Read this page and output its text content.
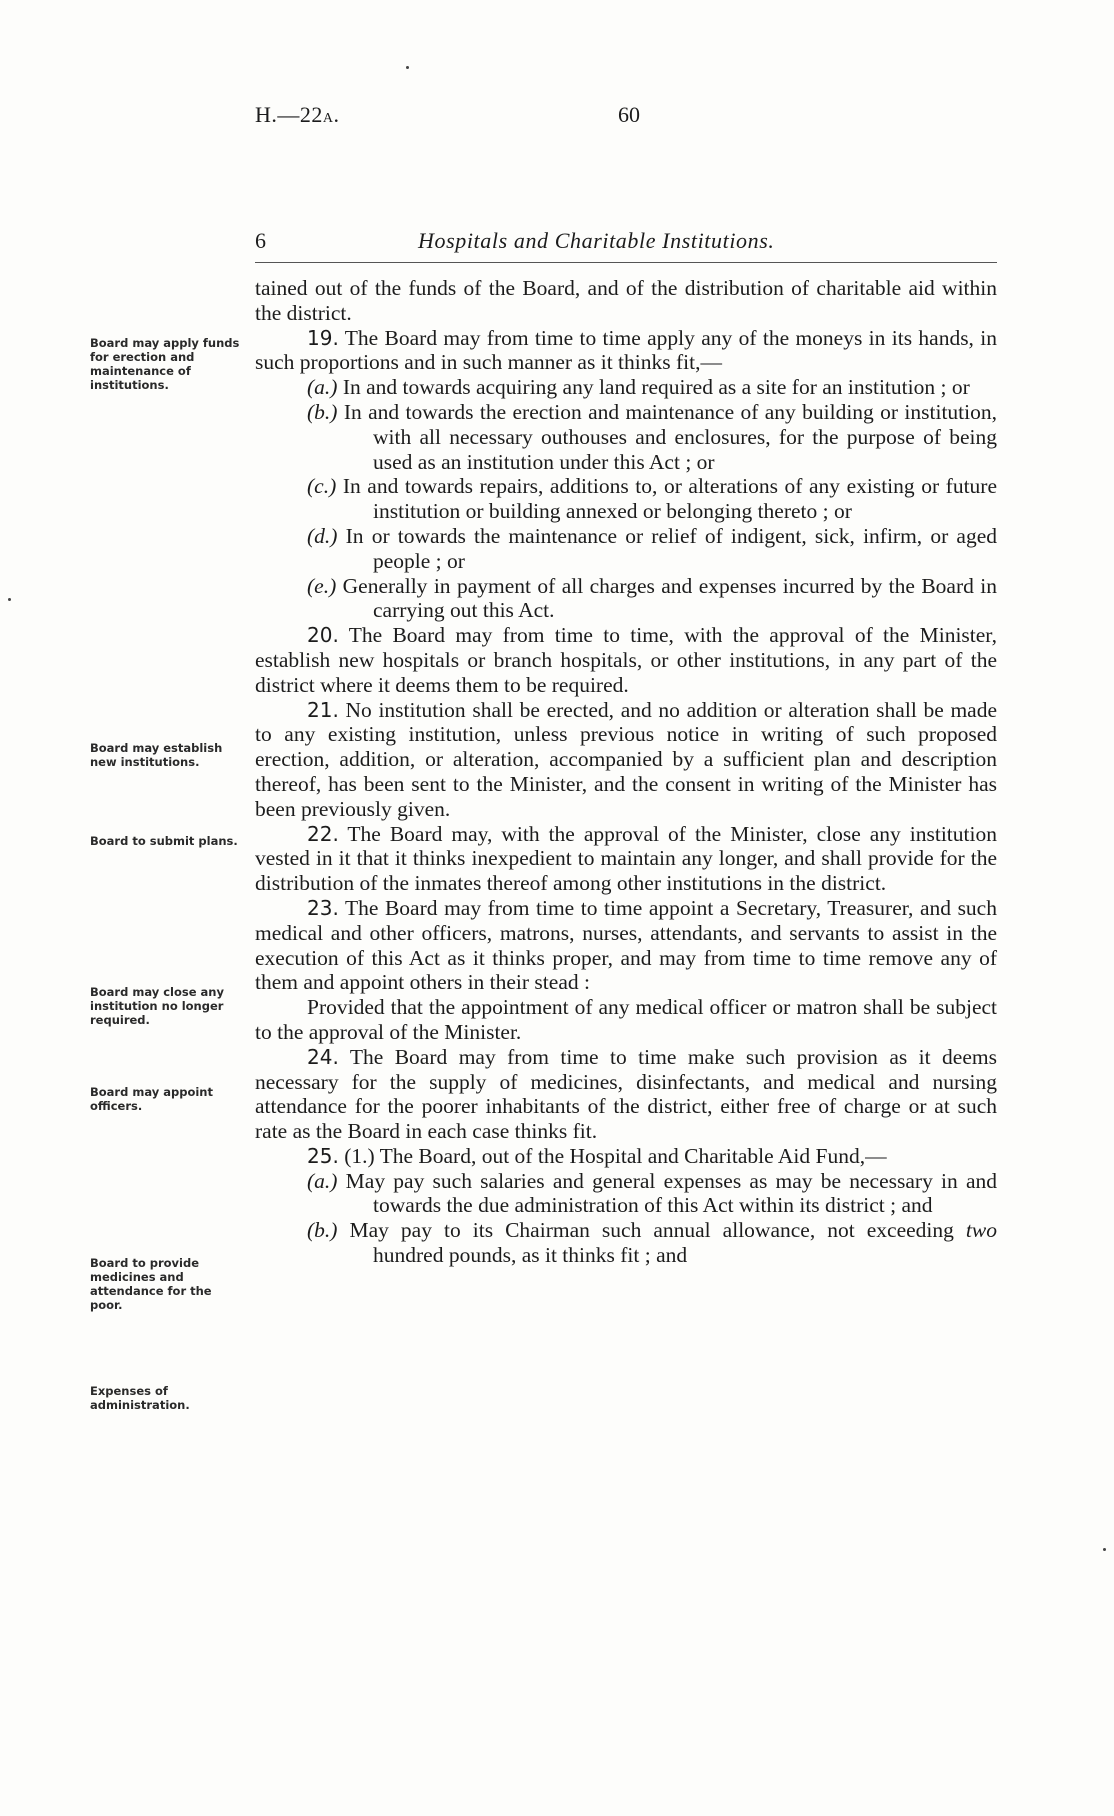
H.—22A.	60
6	Hospitals and Charitable Institutions.
Board may apply funds for erection and maintenance of institutions.
Board may establish new institutions.
Board to submit plans.
Board may close any institution no longer required.
Board may appoint officers.
Board to provide medicines and attendance for the poor.
Expenses of administration.

tained out of the funds of the Board, and of the distribution of charitable aid within the district.

19. The Board may from time to time apply any of the moneys in its hands, in such proportions and in such manner as it thinks fit,—

(a.) In and towards acquiring any land required as a site for an institution ; or

(b.) In and towards the erection and maintenance of any building or institution, with all necessary outhouses and enclosures, for the purpose of being used as an institution under this Act ; or

(c.) In and towards repairs, additions to, or alterations of any existing or future institution or building annexed or belonging thereto ; or

(d.) In or towards the maintenance or relief of indigent, sick, infirm, or aged people ; or

(e.) Generally in payment of all charges and expenses incurred by the Board in carrying out this Act.

20. The Board may from time to time, with the approval of the Minister, establish new hospitals or branch hospitals, or other institutions, in any part of the district where it deems them to be required.

21. No institution shall be erected, and no addition or alteration shall be made to any existing institution, unless previous notice in writing of such proposed erection, addition, or alteration, accompanied by a sufficient plan and description thereof, has been sent to the Minister, and the consent in writing of the Minister has been previously given.

22. The Board may, with the approval of the Minister, close any institution vested in it that it thinks inexpedient to maintain any longer, and shall provide for the distribution of the inmates thereof among other institutions in the district.

23. The Board may from time to time appoint a Secretary, Treasurer, and such medical and other officers, matrons, nurses, attendants, and servants to assist in the execution of this Act as it thinks proper, and may from time to time remove any of them and appoint others in their stead :

Provided that the appointment of any medical officer or matron shall be subject to the approval of the Minister.

24. The Board may from time to time make such provision as it deems necessary for the supply of medicines, disinfectants, and medical and nursing attendance for the poorer inhabitants of the district, either free of charge or at such rate as the Board in each case thinks fit.

25. (1.) The Board, out of the Hospital and Charitable Aid Fund,—

(a.) May pay such salaries and general expenses as may be necessary in and towards the due administration of this Act within its district ; and

(b.) May pay to its Chairman such annual allowance, not exceeding two hundred pounds, as it thinks fit ; and
